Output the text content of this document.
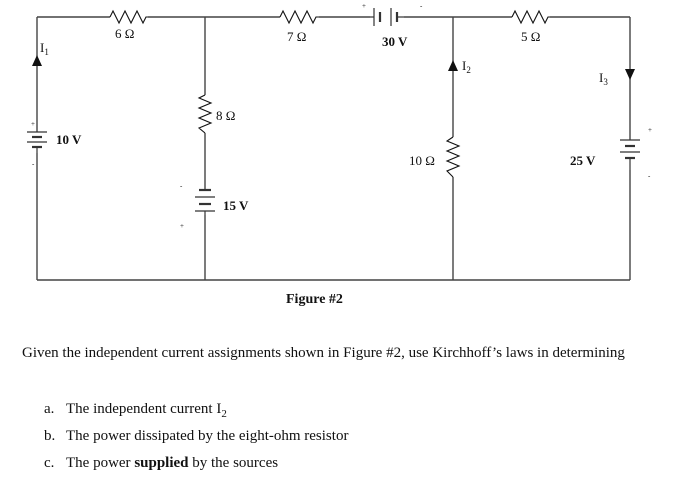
+	-
+
-
-
+
+
-
6 Ω	7 Ω	5 Ω
8 Ω
10 Ω
10 V
30 V
15 V
25 V
$I_1$
$I_2$	$I_3$
Figure #2

Given the independent current assignments shown in Figure #2, use Kirchhoff’s laws in determining

a. The independent current $I_2$
b. The power dissipated by the eight-ohm resistor
c. The power supplied by the sources
